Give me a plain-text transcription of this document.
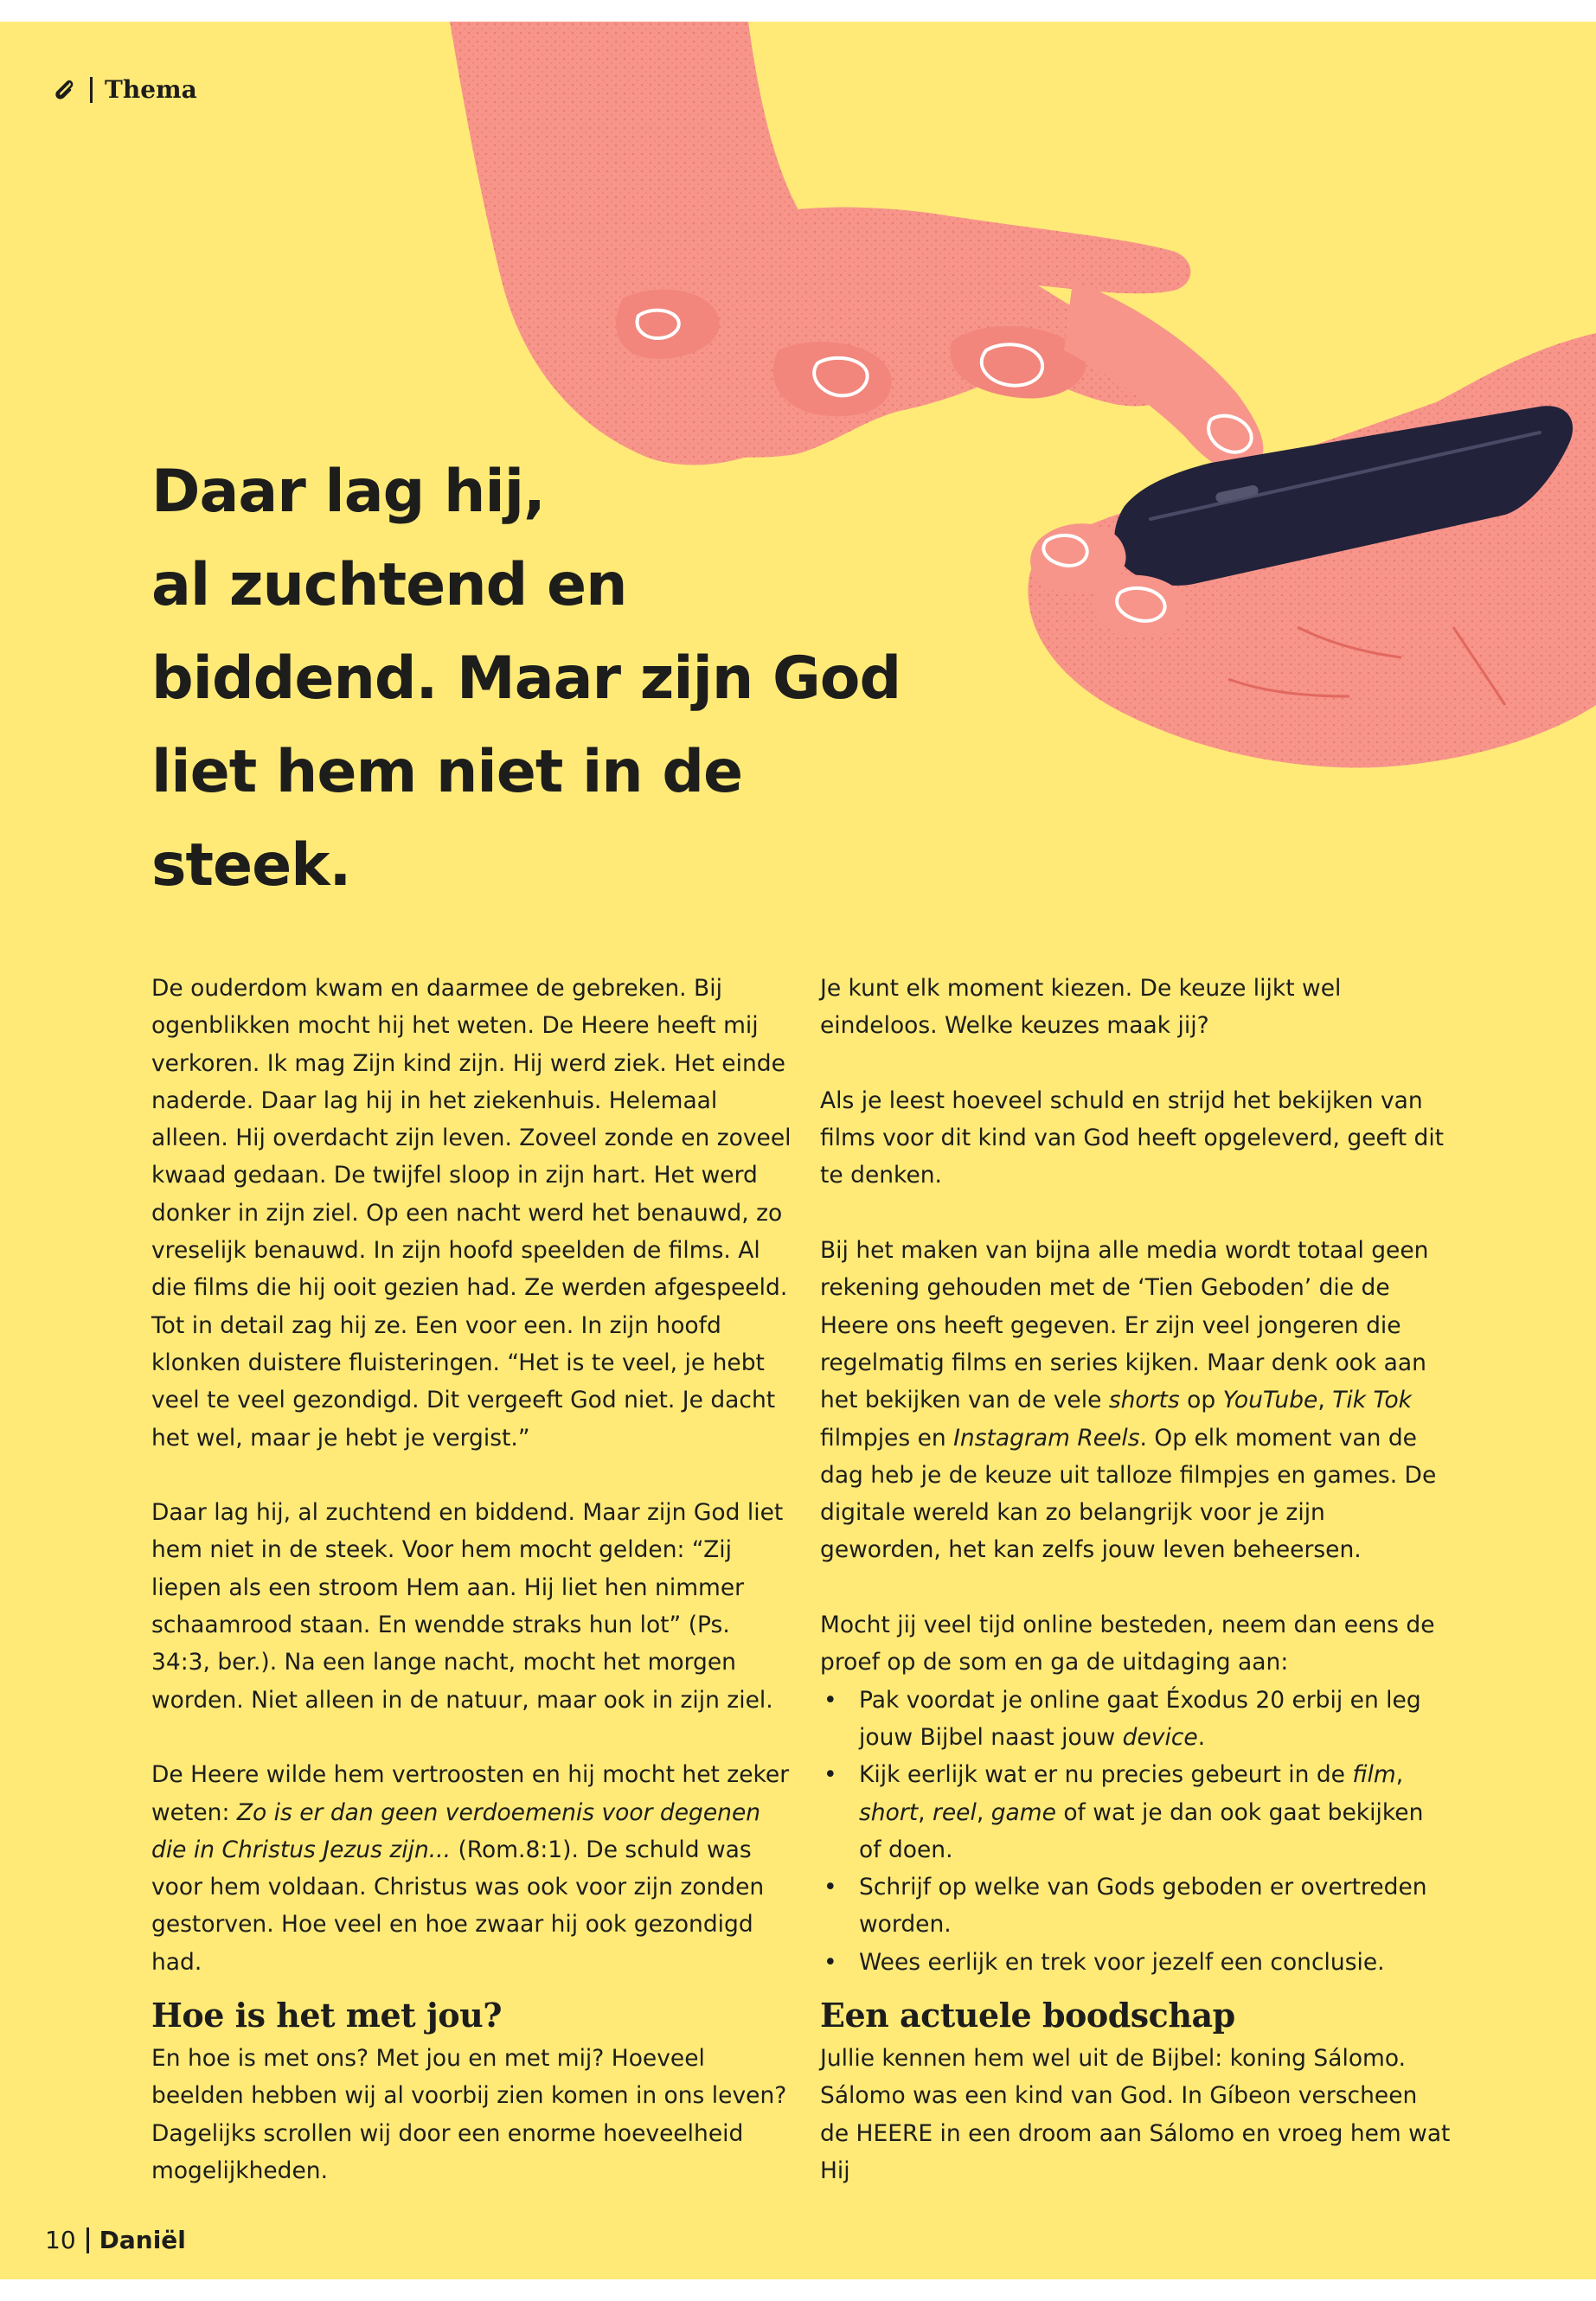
Thema
Daar lag hij,
al zuchtend en
biddend. Maar zijn God
liet hem niet in de steek.

De ouderdom kwam en daarmee de gebreken. Bij ogenblikken mocht hij het weten. De Heere heeft mij verkoren. Ik mag Zijn kind zijn. Hij werd ziek. Het einde naderde. Daar lag hij in het ziekenhuis. Helemaal alleen. Hij overdacht zijn leven. Zoveel zonde en zoveel kwaad gedaan. De twijfel sloop in zijn hart. Het werd donker in zijn ziel. Op een nacht werd het benauwd, zo vreselijk benauwd. In zijn hoofd speelden de films. Al die films die hij ooit gezien had. Ze werden afgespeeld. Tot in detail zag hij ze. Een voor een. In zijn hoofd klonken duistere fluisteringen. “Het is te veel, je hebt veel te veel gezondigd. Dit vergeeft God niet. Je dacht het wel, maar je hebt je vergist.”

Daar lag hij, al zuchtend en biddend. Maar zijn God liet hem niet in de steek. Voor hem mocht gelden: “Zij liepen als een stroom Hem aan. Hij liet hen nimmer schaamrood staan. En wendde straks hun lot” (Ps. 34:3, ber.). Na een lange nacht, mocht het morgen worden. Niet alleen in de natuur, maar ook in zijn ziel.

De Heere wilde hem vertroosten en hij mocht het zeker weten: Zo is er dan geen verdoemenis voor degenen die in Christus Jezus zijn... (Rom.8:1). De schuld was voor hem voldaan. Christus was ook voor zijn zonden gestorven. Hoe veel en hoe zwaar hij ook gezondigd had.

Hoe is het met jou?

En hoe is met ons? Met jou en met mij? Hoeveel beelden hebben wij al voorbij zien komen in ons leven? Dagelijks scrollen wij door een enorme hoeveelheid mogelijkheden.

Je kunt elk moment kiezen. De keuze lijkt wel eindeloos. Welke keuzes maak jij?

Als je leest hoeveel schuld en strijd het bekijken van films voor dit kind van God heeft opgeleverd, geeft dit te denken.

Bij het maken van bijna alle media wordt totaal geen rekening gehouden met de ‘Tien Geboden’ die de Heere ons heeft gegeven. Er zijn veel jongeren die regelmatig films en series kijken. Maar denk ook aan het bekijken van de vele shorts op YouTube, Tik Tok filmpjes en Instagram Reels. Op elk moment van de dag heb je de keuze uit talloze filmpjes en games. De digitale wereld kan zo belangrijk voor je zijn geworden, het kan zelfs jouw leven beheersen.

Mocht jij veel tijd online besteden, neem dan eens de proef op de som en ga de uitdaging aan:

• Pak voordat je online gaat Éxodus 20 erbij en leg jouw Bijbel naast jouw device.
• Kijk eerlijk wat er nu precies gebeurt in de film, short, reel, game of wat je dan ook gaat bekijken of doen.
• Schrijf op welke van Gods geboden er overtreden worden.
• Wees eerlijk en trek voor jezelf een conclusie.
Een actuele boodschap

Jullie kennen hem wel uit de Bijbel: koning Sálomo. Sálomo was een kind van God. In Gíbeon verscheen de HEERE in een droom aan Sálomo en vroeg hem wat Hij

10 Daniël
